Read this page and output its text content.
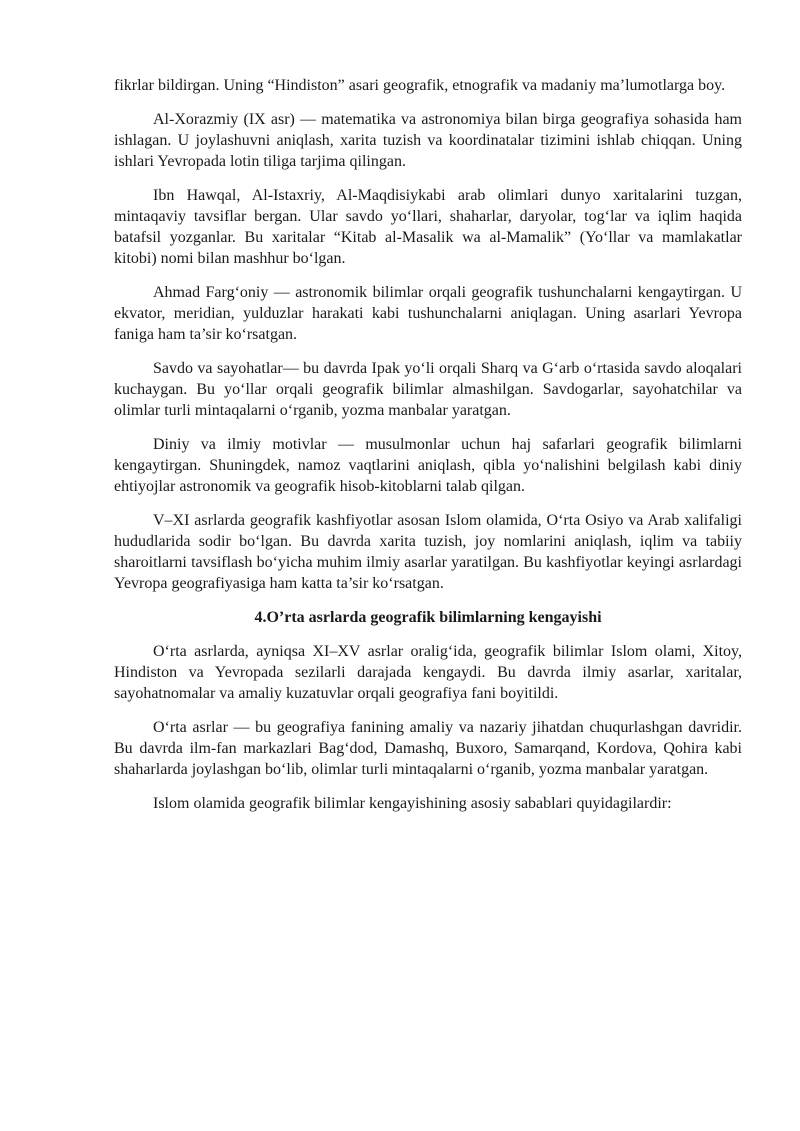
fikrlar bildirgan. Uning “Hindiston” asari geografik, etnografik va madaniy ma’lumotlarga boy.

Al-Xorazmiy (IX asr) — matematika va astronomiya bilan birga geografiya sohasida ham ishlagan. U joylashuvni aniqlash, xarita tuzish va koordinatalar tizimini ishlab chiqqan. Uning ishlari Yevropada lotin tiliga tarjima qilingan.

Ibn Hawqal, Al-Istaxriy, Al-Maqdisiykabi arab olimlari dunyo xaritalarini tuzgan, mintaqaviy tavsiflar bergan. Ular savdo yo‘llari, shaharlar, daryolar, tog‘lar va iqlim haqida batafsil yozganlar. Bu xaritalar “Kitab al-Masalik wa al-Mamalik” (Yo‘llar va mamlakatlar kitobi) nomi bilan mashhur bo‘lgan.

Ahmad Farg‘oniy — astronomik bilimlar orqali geografik tushunchalarni kengaytirgan. U ekvator, meridian, yulduzlar harakati kabi tushunchalarni aniqlagan. Uning asarlari Yevropa faniga ham ta’sir ko‘rsatgan.

Savdo va sayohatlar— bu davrda Ipak yo‘li orqali Sharq va G‘arb o‘rtasida savdo aloqalari kuchaygan. Bu yo‘llar orqali geografik bilimlar almashilgan. Savdogarlar, sayohatchilar va olimlar turli mintaqalarni o‘rganib, yozma manbalar yaratgan.

Diniy va ilmiy motivlar — musulmonlar uchun haj safarlari geografik bilimlarni kengaytirgan. Shuningdek, namoz vaqtlarini aniqlash, qibla yo‘nalishini belgilash kabi diniy ehtiyojlar astronomik va geografik hisob-kitoblarni talab qilgan.

V–XI asrlarda geografik kashfiyotlar asosan Islom olamida, O‘rta Osiyo va Arab xalifaligi hududlarida sodir bo‘lgan. Bu davrda xarita tuzish, joy nomlarini aniqlash, iqlim va tabiiy sharoitlarni tavsiflash bo‘yicha muhim ilmiy asarlar yaratilgan. Bu kashfiyotlar keyingi asrlardagi Yevropa geografiyasiga ham katta ta’sir ko‘rsatgan.

4.O’rta asrlarda geografik bilimlarning kengayishi

O‘rta asrlarda, ayniqsa XI–XV asrlar oralig‘ida, geografik bilimlar Islom olami, Xitoy, Hindiston va Yevropada sezilarli darajada kengaydi. Bu davrda ilmiy asarlar, xaritalar, sayohatnomalar va amaliy kuzatuvlar orqali geografiya fani boyitildi.

O‘rta asrlar — bu geografiya fanining amaliy va nazariy jihatdan chuqurlashgan davridir. Bu davrda ilm-fan markazlari Bag‘dod, Damashq, Buxoro, Samarqand, Kordova, Qohira kabi shaharlarda joylashgan bo‘lib, olimlar turli mintaqalarni o‘rganib, yozma manbalar yaratgan.

Islom olamida geografik bilimlar kengayishining asosiy sabablari quyidagilardir:
